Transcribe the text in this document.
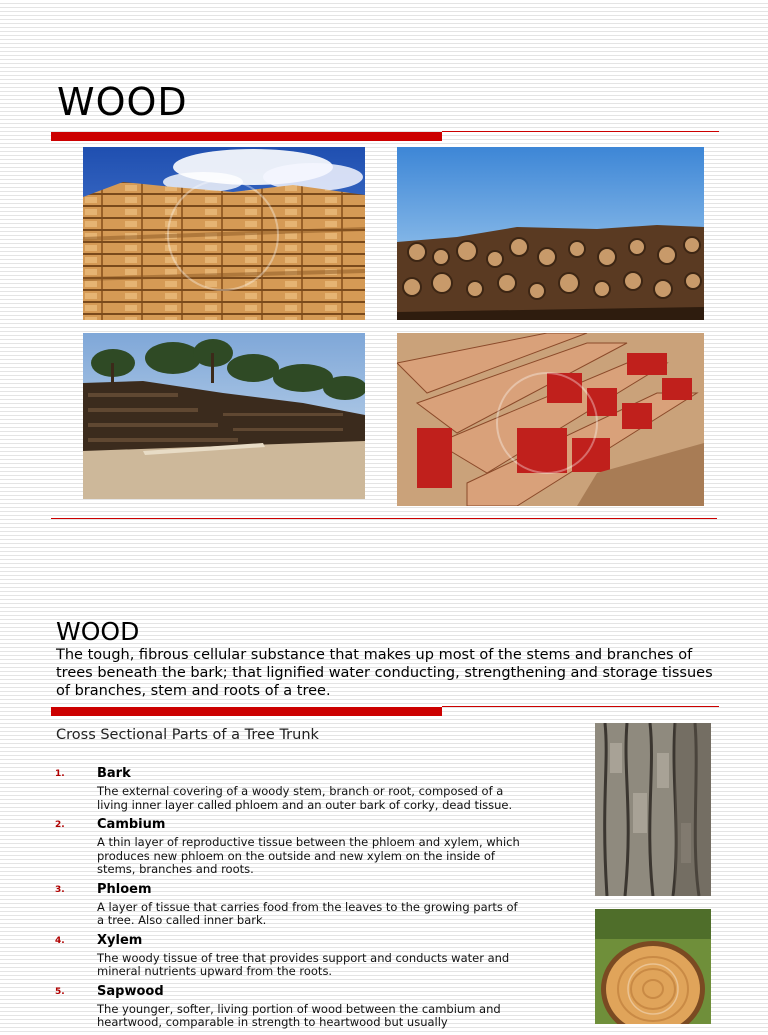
WOOD
WOOD

The tough, fibrous cellular substance that makes up most of the stems and branches of trees beneath the bark; that lignified water conducting, strengthening and storage tissues of branches, stem and roots of a tree.

Cross Sectional Parts of a Tree Trunk

1. Bark
The external covering of a woody stem, branch or root, composed of a living inner layer called phloem and an outer bark of corky, dead tissue.
2. Cambium
A thin layer of reproductive tissue between the phloem and xylem, which produces new phloem on the outside and new xylem on the inside of stems, branches and roots.
3. Phloem
A layer of tissue that carries food from the leaves to the growing parts of a tree. Also called inner bark.
4. Xylem
The woody tissue of tree that provides support and conducts water and mineral nutrients upward from the roots.
5. Sapwood
The younger, softer, living portion of wood between the cambium and heartwood, comparable in strength to heartwood but usually
